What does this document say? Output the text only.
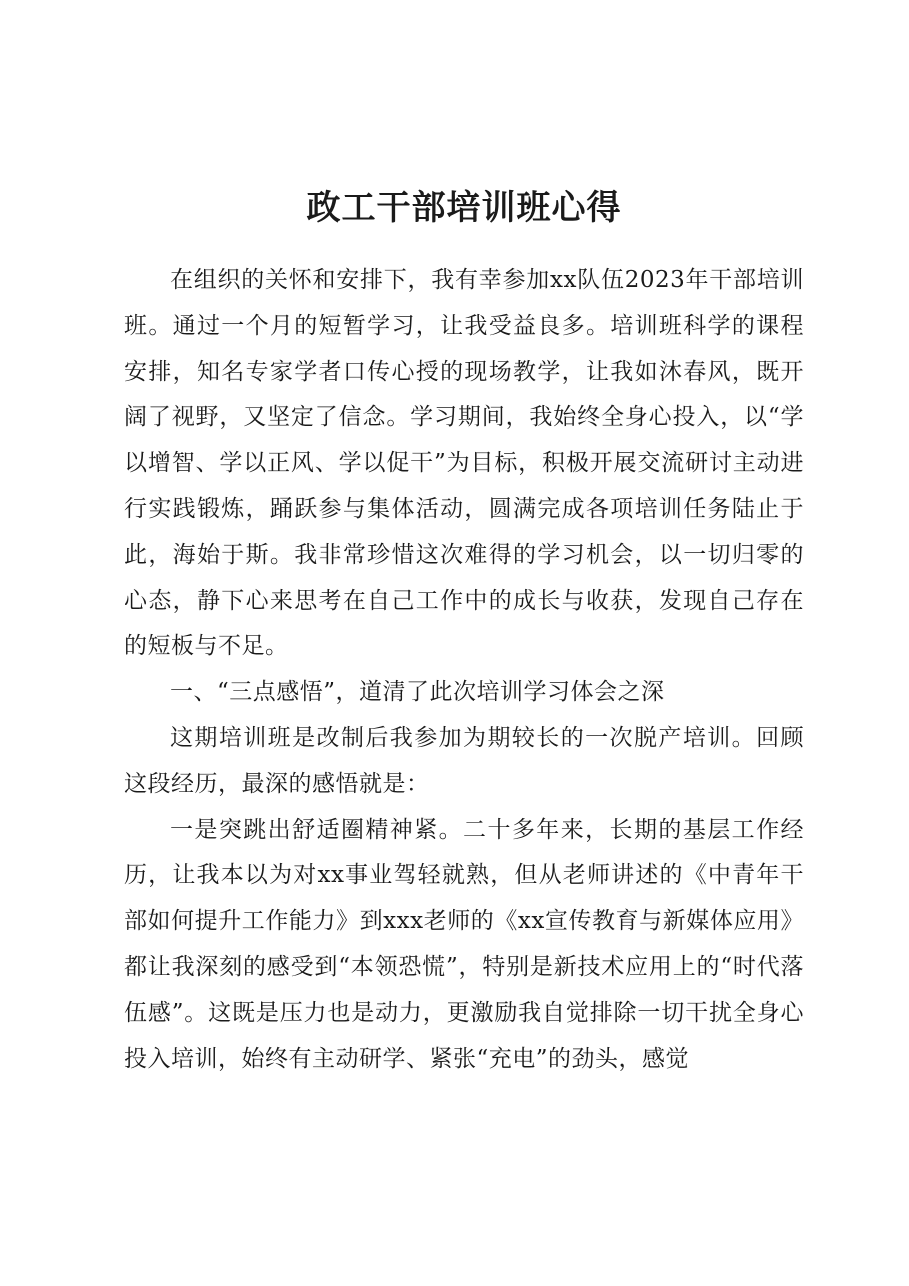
政工干部培训班心得

在组织的关怀和安排下，我有幸参加xx队伍2023年干部培训班。通过一个月的短暂学习，让我受益良多。培训班科学的课程安排，知名专家学者口传心授的现场教学，让我如沐春风，既开阔了视野，又坚定了信念。学习期间，我始终全身心投入，以“学以增智、学以正风、学以促干”为目标，积极开展交流研讨主动进行实践锻炼，踊跃参与集体活动，圆满完成各项培训任务陆止于此，海始于斯。我非常珍惜这次难得的学习机会，以一切归零的心态，静下心来思考在自己工作中的成长与收获，发现自己存在的短板与不足。

一、“三点感悟”，道清了此次培训学习体会之深

这期培训班是改制后我参加为期较长的一次脱产培训。回顾这段经历，最深的感悟就是：

一是突跳出舒适圈精神紧。二十多年来，长期的基层工作经历，让我本以为对xx事业驾轻就熟，但从老师讲述的《中青年干部如何提升工作能力》到xxx老师的《xx宣传教育与新媒体应用》都让我深刻的感受到“本领恐慌”，特别是新技术应用上的“时代落伍感”。这既是压力也是动力，更激励我自觉排除一切干扰全身心投入培训，始终有主动研学、紧张“充电”的劲头，感觉
